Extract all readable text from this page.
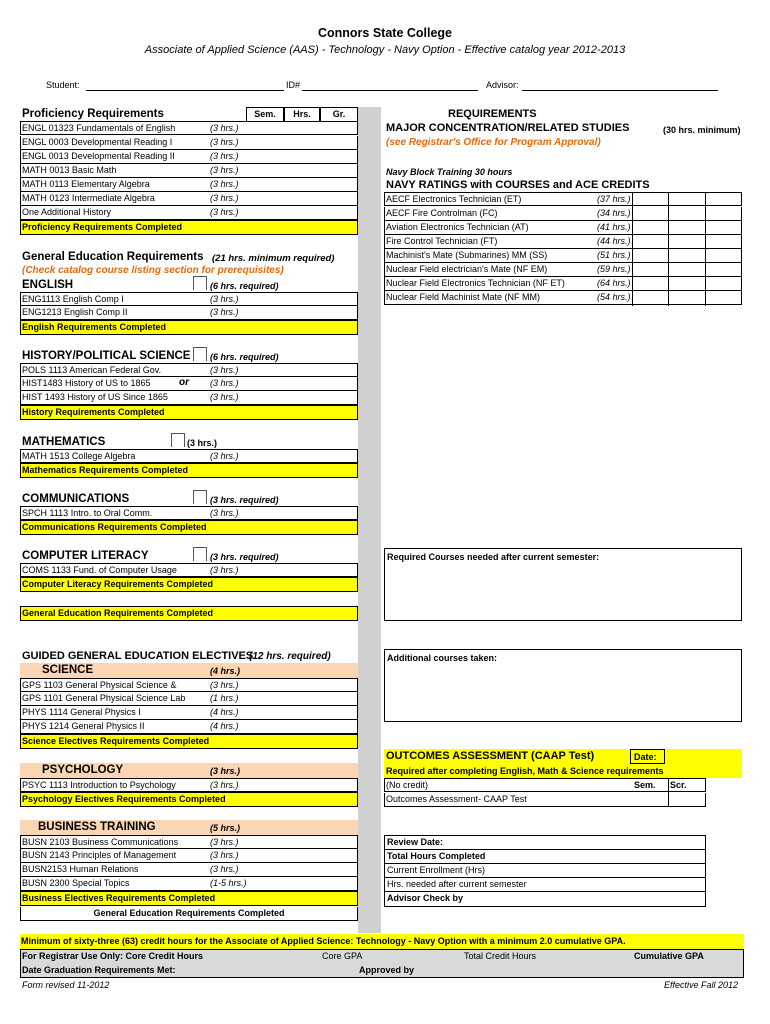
Connors State College
Associate of Applied Science (AAS) - Technology - Navy Option - Effective catalog year 2012-2013
Student:	ID#	Advisor:
Proficiency Requirements	Sem.	Hrs.	Gr.
ENGL 01323 Fundamentals of English	(3 hrs.)
ENGL 0003 Developmental Reading I	(3 hrs.)
ENGL 0013 Developmental Reading II	(3 hrs.)
MATH 0013 Basic Math	(3 hrs.)
MATH 0113 Elementary Algebra	(3 hrs.)
MATH 0123 Intermediate Algebra	(3 hrs.)
One Additional History	(3 hrs.)
Proficiency Requirements Completed
General Education Requirements (21 hrs. minimum required)
(Check catalog course listing section for prerequisites)
ENGLISH	(6 hrs. required)
ENG1113 English Comp I	(3 hrs.)
ENG1213 English Comp II	(3 hrs.)
English Requirements Completed
HISTORY/POLITICAL SCIENCE (6 hrs. required)
POLS 1113 American Federal Gov.	(3 hrs.)
HIST1483 History of US to 1865	or (3 hrs.)
HIST 1493 History of US Since 1865	(3 hrs.)
History Requirements Completed
MATHEMATICS	(3 hrs.)
MATH 1513 College Algebra	(3 hrs.)
Mathematics Requirements Completed
COMMUNICATIONS	(3 hrs. required)
SPCH 1113 Intro. to Oral Comm.	(3 hrs.)
Communications Requirements Completed
COMPUTER LITERACY	(3 hrs. required)
COMS 1133 Fund. of Computer Usage	(3 hrs.)
Computer Literacy Requirements Completed
General Education Requirements Completed
GUIDED GENERAL EDUCATION ELECTIVES
(12 hrs. required)
SCIENCE	(4 hrs.)
GPS 1103 General Physical Science &	(3 hrs.)
GPS 1101 General Physical Science Lab	(1 hrs.)
PHYS 1114 General Physics I	(4 hrs.)
PHYS 1214 General Physics II	(4 hrs.)
Science Electives Requirements Completed
PSYCHOLOGY	(3 hrs.)
PSYC 1113 Introduction to Psychology	(3 hrs.)
Psychology Electives Requirements Completed
BUSINESS TRAINING	(5 hrs.)
BUSN 2103 Business Communications	(3 hrs.)
BUSN 2143 Principles of Management	(3 hrs.)
BUSN2153 Human Relations	(3 hrs.)
BUSN 2300 Special Topics	(1-5 hrs.)
Business Electives Requirements Completed
General Education Requirements Completed
REQUIREMENTS
MAJOR CONCENTRATION/RELATED STUDIES	(30 hrs. minimum)
(see Registrar's Office for Program Approval)
Navy Block Training 30 hours
NAVY RATINGS with COURSES and ACE CREDITS
AECF Electronics Technician (ET)	(37 hrs.)
AECF Fire Controlman (FC)	(34 hrs.)
Aviation Electronics Technician (AT)	(41 hrs.)
Fire Control Technician (FT)	(44 hrs.)
Machinist's Mate (Submarines) MM (SS)	(51 hrs.)
Nuclear Field electrician's Mate (NF EM)	(59 hrs.)
Nuclear Field Electronics Technician (NF ET)	(64 hrs.)
Nuclear Field Machinist Mate (NF MM)	(54 hrs.)
Required Courses needed after current semester:
Additional courses taken:
OUTCOMES ASSESSMENT (CAAP Test)	Date:
Required after completing English, Math & Science requirements
(No credit)	Sem. Scr.
Outcomes Assessment- CAAP Test
Review Date:
Total Hours Completed
Current Enrollment (Hrs)
Hrs. needed after current semester
Advisor Check by
Minimum of sixty-three (63) credit hours for the Associate of Applied Science: Technology - Navy Option with a minimum 2.0 cumulative GPA.
For Registrar Use Only: Core Credit Hours	Core GPA	Total Credit Hours	Cumulative GPA
Date Graduation Requirements Met:	Approved by
Form revised 11-2012	Effective Fall 2012
